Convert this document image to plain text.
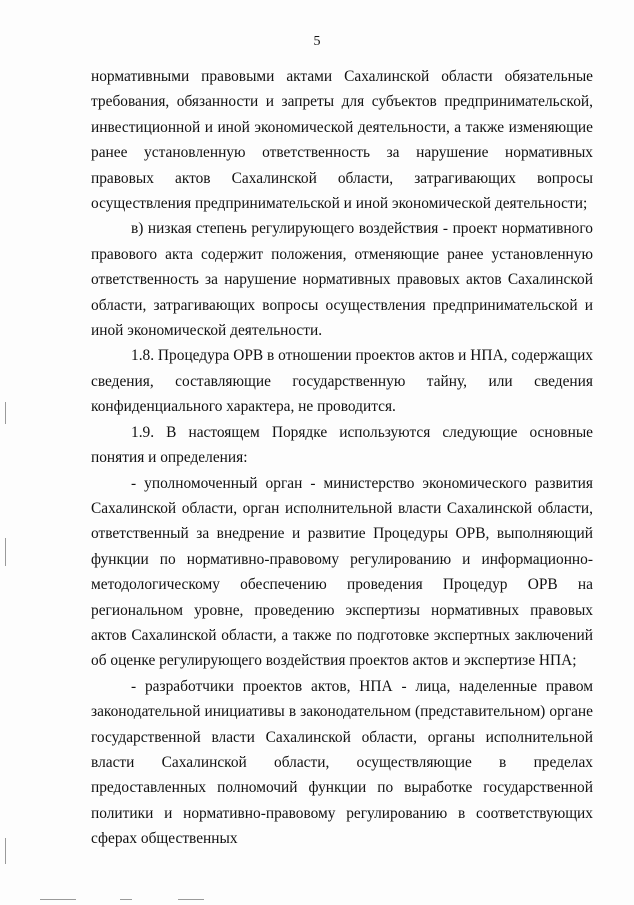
5

нормативными правовыми актами Сахалинской области обязательные требования, обязанности и запреты для субъектов предпринимательской, инвестиционной и иной экономической деятельности, а также изменяющие ранее установленную ответственность за нарушение нормативных правовых актов Сахалинской области, затрагивающих вопросы осуществления предпринимательской и иной экономической деятельности;

в) низкая степень регулирующего воздействия - проект нормативного правового акта содержит положения, отменяющие ранее установленную ответственность за нарушение нормативных правовых актов Сахалинской области, затрагивающих вопросы осуществления предпринимательской и иной экономической деятельности.

1.8. Процедура ОРВ в отношении проектов актов и НПА, содержащих сведения, составляющие государственную тайну, или сведения конфиденциального характера, не проводится.

1.9. В настоящем Порядке используются следующие основные понятия и определения:

- уполномоченный орган - министерство экономического развития Сахалинской области, орган исполнительной власти Сахалинской области, ответственный за внедрение и развитие Процедуры ОРВ, выполняющий функции по нормативно-правовому регулированию и информационно-методологическому обеспечению проведения Процедур ОРВ на региональном уровне, проведению экспертизы нормативных правовых актов Сахалинской области, а также по подготовке экспертных заключений об оценке регулирующего воздействия проектов актов и экспертизе НПА;

- разработчики проектов актов, НПА - лица, наделенные правом законодательной инициативы в законодательном (представительном) органе государственной власти Сахалинской области, органы исполнительной власти Сахалинской области, осуществляющие в пределах предоставленных полномочий функции по выработке государственной политики и нормативно-правовому регулированию в соответствующих сферах общественных
